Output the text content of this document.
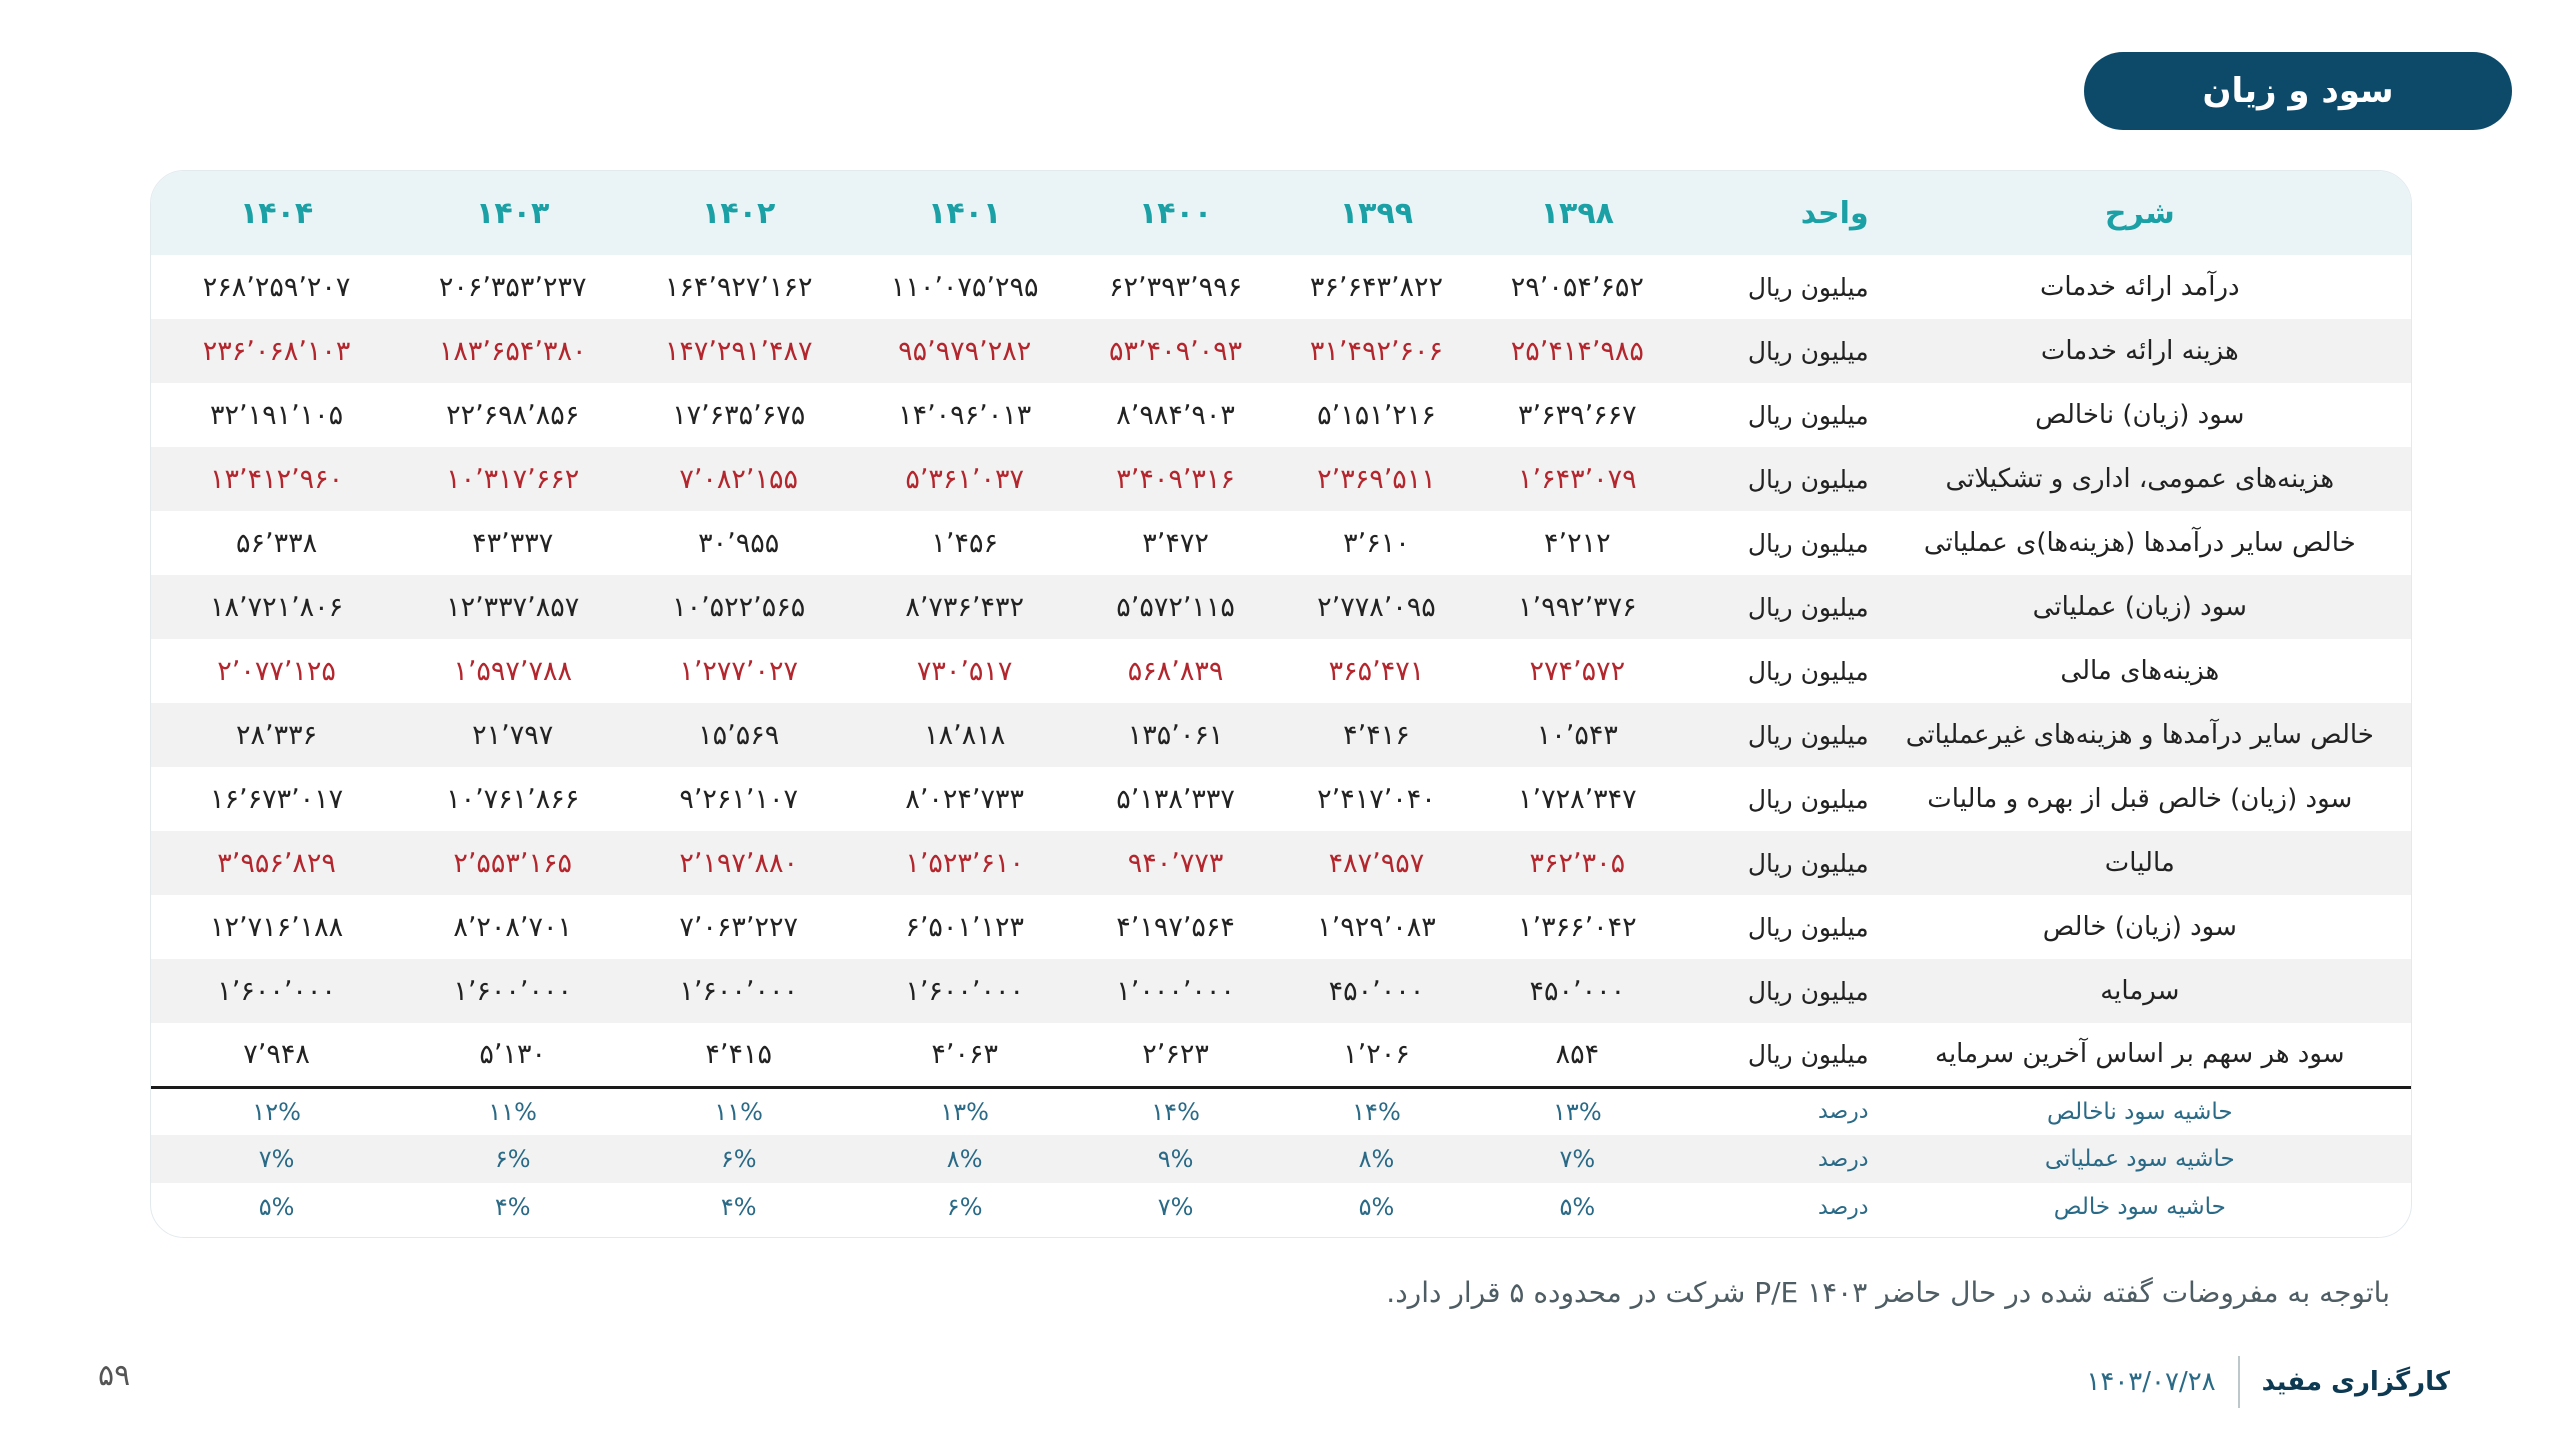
سود و زیان
شرح	واحد	۱۳۹۸	۱۳۹۹	۱۴۰۰	۱۴۰۱	۱۴۰۲	۱۴۰۳	۱۴۰۴
درآمد ارائه خدمات	میلیون ریال	۲۹٬۰۵۴٬۶۵۲	۳۶٬۶۴۳٬۸۲۲	۶۲٬۳۹۳٬۹۹۶	۱۱۰٬۰۷۵٬۲۹۵	۱۶۴٬۹۲۷٬۱۶۲	۲۰۶٬۳۵۳٬۲۳۷	۲۶۸٬۲۵۹٬۲۰۷
هزینه ارائه خدمات	میلیون ریال	۲۵٬۴۱۴٬۹۸۵	۳۱٬۴۹۲٬۶۰۶	۵۳٬۴۰۹٬۰۹۳	۹۵٬۹۷۹٬۲۸۲	۱۴۷٬۲۹۱٬۴۸۷	۱۸۳٬۶۵۴٬۳۸۰	۲۳۶٬۰۶۸٬۱۰۳
سود (زیان) ناخالص	میلیون ریال	۳٬۶۳۹٬۶۶۷	۵٬۱۵۱٬۲۱۶	۸٬۹۸۴٬۹۰۳	۱۴٬۰۹۶٬۰۱۳	۱۷٬۶۳۵٬۶۷۵	۲۲٬۶۹۸٬۸۵۶	۳۲٬۱۹۱٬۱۰۵
هزینه‌های عمومی، اداری و تشکیلاتی	میلیون ریال	۱٬۶۴۳٬۰۷۹	۲٬۳۶۹٬۵۱۱	۳٬۴۰۹٬۳۱۶	۵٬۳۶۱٬۰۳۷	۷٬۰۸۲٬۱۵۵	۱۰٬۳۱۷٬۶۶۲	۱۳٬۴۱۲٬۹۶۰
خالص سایر درآمدها (هزینه‌ها)ی عملیاتی	میلیون ریال	۴٬۲۱۲	۳٬۶۱۰	۳٬۴۷۲	۱٬۴۵۶	۳۰٬۹۵۵	۴۳٬۳۳۷	۵۶٬۳۳۸
سود (زیان) عملیاتی	میلیون ریال	۱٬۹۹۲٬۳۷۶	۲٬۷۷۸٬۰۹۵	۵٬۵۷۲٬۱۱۵	۸٬۷۳۶٬۴۳۲	۱۰٬۵۲۲٬۵۶۵	۱۲٬۳۳۷٬۸۵۷	۱۸٬۷۲۱٬۸۰۶
هزینه‌های مالی	میلیون ریال	۲۷۴٬۵۷۲	۳۶۵٬۴۷۱	۵۶۸٬۸۳۹	۷۳۰٬۵۱۷	۱٬۲۷۷٬۰۲۷	۱٬۵۹۷٬۷۸۸	۲٬۰۷۷٬۱۲۵
خالص سایر درآمدها و هزینه‌های غیرعملیاتی	میلیون ریال	۱۰٬۵۴۳	۴٬۴۱۶	۱۳۵٬۰۶۱	۱۸٬۸۱۸	۱۵٬۵۶۹	۲۱٬۷۹۷	۲۸٬۳۳۶
سود (زیان) خالص قبل از بهره و مالیات	میلیون ریال	۱٬۷۲۸٬۳۴۷	۲٬۴۱۷٬۰۴۰	۵٬۱۳۸٬۳۳۷	۸٬۰۲۴٬۷۳۳	۹٬۲۶۱٬۱۰۷	۱۰٬۷۶۱٬۸۶۶	۱۶٬۶۷۳٬۰۱۷
مالیات	میلیون ریال	۳۶۲٬۳۰۵	۴۸۷٬۹۵۷	۹۴۰٬۷۷۳	۱٬۵۲۳٬۶۱۰	۲٬۱۹۷٬۸۸۰	۲٬۵۵۳٬۱۶۵	۳٬۹۵۶٬۸۲۹
سود (زیان) خالص	میلیون ریال	۱٬۳۶۶٬۰۴۲	۱٬۹۲۹٬۰۸۳	۴٬۱۹۷٬۵۶۴	۶٬۵۰۱٬۱۲۳	۷٬۰۶۳٬۲۲۷	۸٬۲۰۸٬۷۰۱	۱۲٬۷۱۶٬۱۸۸
سرمایه	میلیون ریال	۴۵۰٬۰۰۰	۴۵۰٬۰۰۰	۱٬۰۰۰٬۰۰۰	۱٬۶۰۰٬۰۰۰	۱٬۶۰۰٬۰۰۰	۱٬۶۰۰٬۰۰۰	۱٬۶۰۰٬۰۰۰
سود هر سهم بر اساس آخرین سرمایه	میلیون ریال	۸۵۴	۱٬۲۰۶	۲٬۶۲۳	۴٬۰۶۳	۴٬۴۱۵	۵٬۱۳۰	۷٬۹۴۸
حاشیه سود ناخالص	درصد	۱۳%	۱۴%	۱۴%	۱۳%	۱۱%	۱۱%	۱۲%
حاشیه سود عملیاتی	درصد	۷%	۸%	۹%	۸%	۶%	۶%	۷%
حاشیه سود خالص	درصد	۵%	۵%	۷%	۶%	۴%	۴%	۵%
باتوجه به مفروضات گفته شده در حال حاضر P/E ۱۴۰۳ شرکت در محدوده ۵ قرار دارد.
کارگزاری مفید
۱۴۰۳/۰۷/۲۸
۵۹
